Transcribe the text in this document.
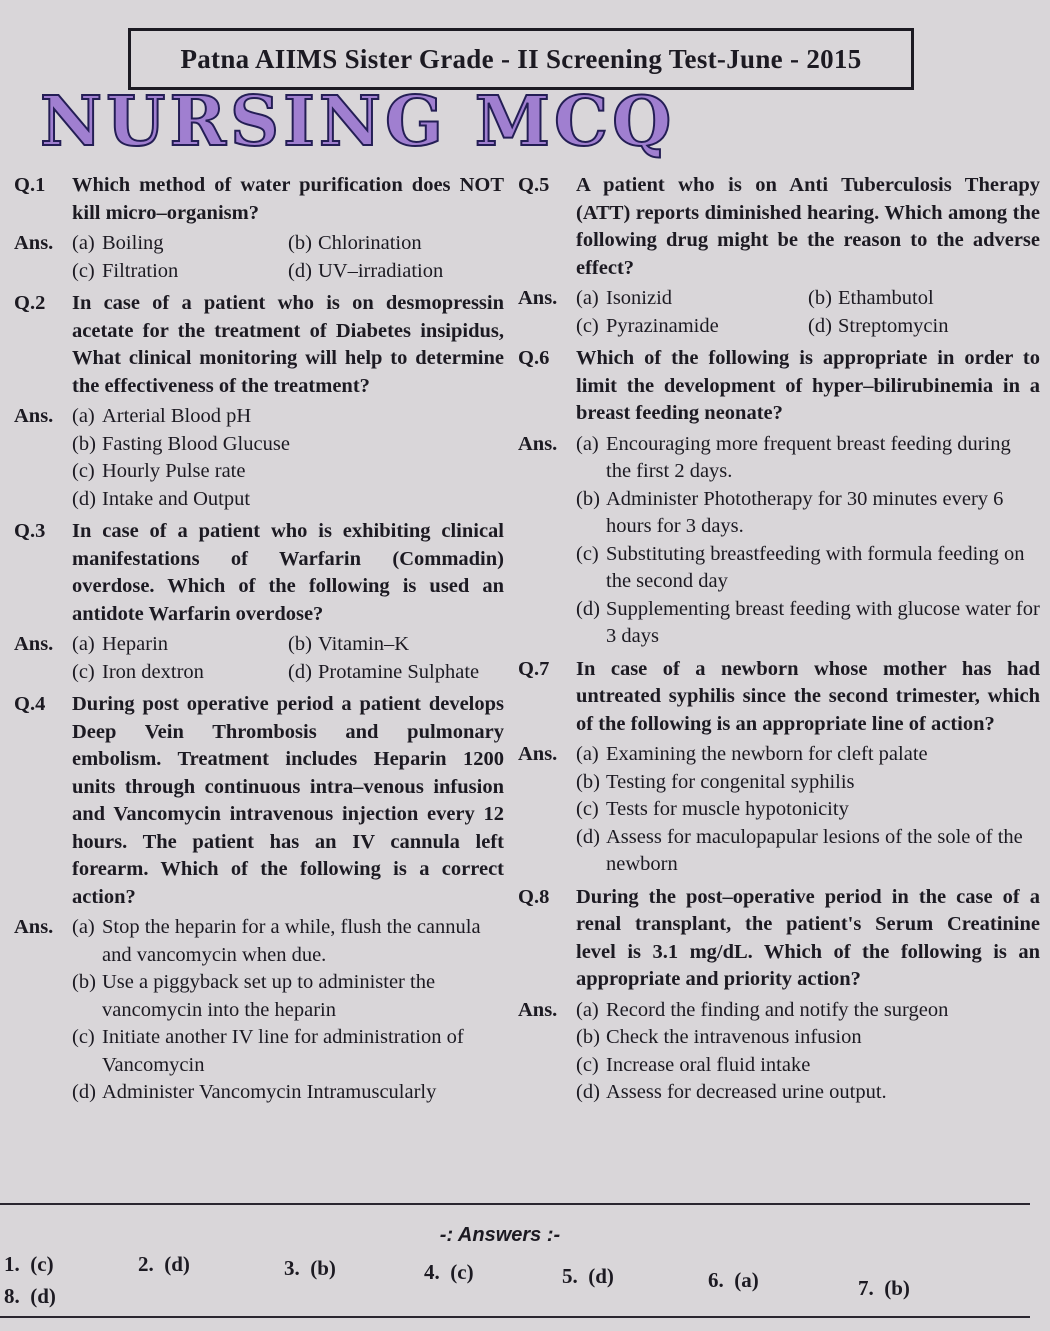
Patna AIIMS Sister Grade - II Screening Test-June - 2015
NURSING MCQ
Q.1	Which method of water purification does NOT kill micro–organism?
Ans. (a) Boiling	(b) Chlorination
(c) Filtration	(d) UV–irradiation
Q.2	In case of a patient who is on desmopressin acetate for the treatment of Diabetes insipidus, What clinical monitoring will help to determine the effectiveness of the treatment?
Ans. (a) Arterial Blood pH
(b) Fasting Blood Glucuse
(c) Hourly Pulse rate
(d) Intake and Output
Q.3	In case of a patient who is exhibiting clinical manifestations of Warfarin (Commadin) overdose. Which of the following is used an antidote Warfarin overdose?
Ans. (a) Heparin	(b) Vitamin–K
(c) Iron dextron	(d) Protamine Sulphate
Q.4	During post operative period a patient develops Deep Vein Thrombosis and pulmonary embolism. Treatment includes Heparin 1200 units through continuous intra–venous infusion and Vancomycin intravenous injection every 12 hours. The patient has an IV cannula left forearm. Which of the following is a correct action?
Ans. (a) Stop the heparin for a while, flush the cannula and vancomycin when due.
(b) Use a piggyback set up to administer the vancomycin into the heparin
(c) Initiate another IV line for administration of Vancomycin
(d) Administer Vancomycin Intramuscularly
Q.5	A patient who is on Anti Tuberculosis Therapy (ATT) reports diminished hearing. Which among the following drug might be the reason to the adverse effect?
Ans. (a) Isonizid	(b) Ethambutol
(c) Pyrazinamide	(d) Streptomycin
Q.6	Which of the following is appropriate in order to limit the development of hyper–bilirubinemia in a breast feeding neonate?
Ans. (a) Encouraging more frequent breast feeding during the first 2 days.
(b) Administer Phototherapy for 30 minutes every 6 hours for 3 days.
(c) Substituting breastfeeding with formula feeding on the second day
(d) Supplementing breast feeding with glucose water for 3 days
Q.7	In case of a newborn whose mother has had untreated syphilis since the second trimester, which of the following is an appropriate line of action?
Ans. (a) Examining the newborn for cleft palate
(b) Testing for congenital syphilis
(c) Tests for muscle hypotonicity
(d) Assess for maculopapular lesions of the sole of the newborn
Q.8	During the post–operative period in the case of a renal transplant, the patient's Serum Creatinine level is 3.1 mg/dL. Which of the following is an appropriate and priority action?
Ans. (a) Record the finding and notify the surgeon
(b) Check the intravenous infusion
(c) Increase oral fluid intake
(d) Assess for decreased urine output.
-: Answers :-
1. (c)	2. (d)	3. (b)	4. (c)	5. (d)	6. (a)	7. (b)
8. (d)
